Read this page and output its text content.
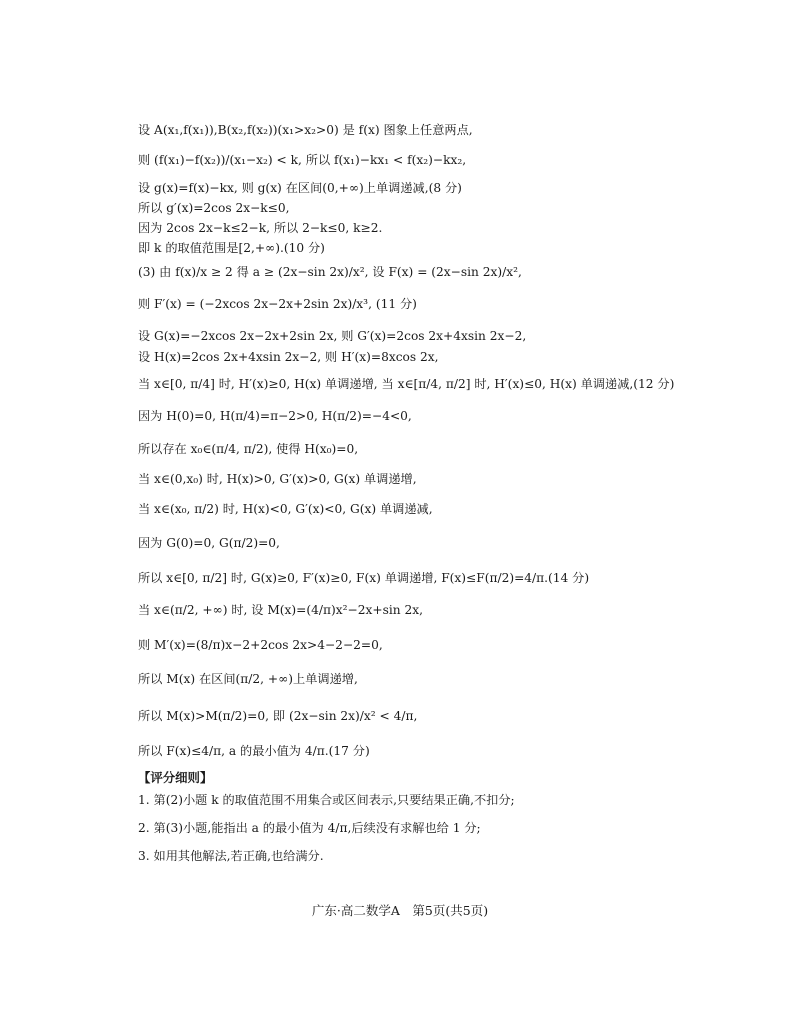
设 A(x₁,f(x₁)),B(x₂,f(x₂))(x₁>x₂>0) 是 f(x) 图象上任意两点,
则 (f(x₁)−f(x₂))/(x₁−x₂) < k, 所以 f(x₁)−kx₁ < f(x₂)−kx₂,
设 g(x)=f(x)−kx, 则 g(x) 在区间(0,+∞)上单调递减,(8 分)
所以 g′(x)=2cos 2x−k≤0,
因为 2cos 2x−k≤2−k, 所以 2−k≤0, k≥2.
即 k 的取值范围是[2,+∞).(10 分)
(3) 由 f(x)/x ≥ 2 得 a ≥ (2x−sin 2x)/x², 设 F(x) = (2x−sin 2x)/x²,
则 F′(x) = (−2xcos 2x−2x+2sin 2x)/x³, (11 分)
设 G(x)=−2xcos 2x−2x+2sin 2x, 则 G′(x)=2cos 2x+4xsin 2x−2,
设 H(x)=2cos 2x+4xsin 2x−2, 则 H′(x)=8xcos 2x,
当 x∈[0, π/4] 时, H′(x)≥0, H(x) 单调递增, 当 x∈[π/4, π/2] 时, H′(x)≤0, H(x) 单调递减,(12 分)
因为 H(0)=0, H(π/4)=π−2>0, H(π/2)=−4<0,
所以存在 x₀∈(π/4, π/2), 使得 H(x₀)=0,
当 x∈(0,x₀) 时, H(x)>0, G′(x)>0, G(x) 单调递增,
当 x∈(x₀, π/2) 时, H(x)<0, G′(x)<0, G(x) 单调递减,
因为 G(0)=0, G(π/2)=0,
所以 x∈[0, π/2] 时, G(x)≥0, F′(x)≥0, F(x) 单调递增, F(x)≤F(π/2)=4/π.(14 分)
当 x∈(π/2, +∞) 时, 设 M(x)=(4/π)x²−2x+sin 2x,
则 M′(x)=(8/π)x−2+2cos 2x>4−2−2=0,
所以 M(x) 在区间(π/2, +∞)上单调递增,
所以 M(x)>M(π/2)=0, 即 (2x−sin 2x)/x² < 4/π,
所以 F(x)≤4/π, a 的最小值为 4/π.(17 分)
【评分细则】
1. 第(2)小题 k 的取值范围不用集合或区间表示,只要结果正确,不扣分;
2. 第(3)小题,能指出 a 的最小值为 4/π,后续没有求解也给 1 分;
3. 如用其他解法,若正确,也给满分.
广东·高二数学A　第5页(共5页)
